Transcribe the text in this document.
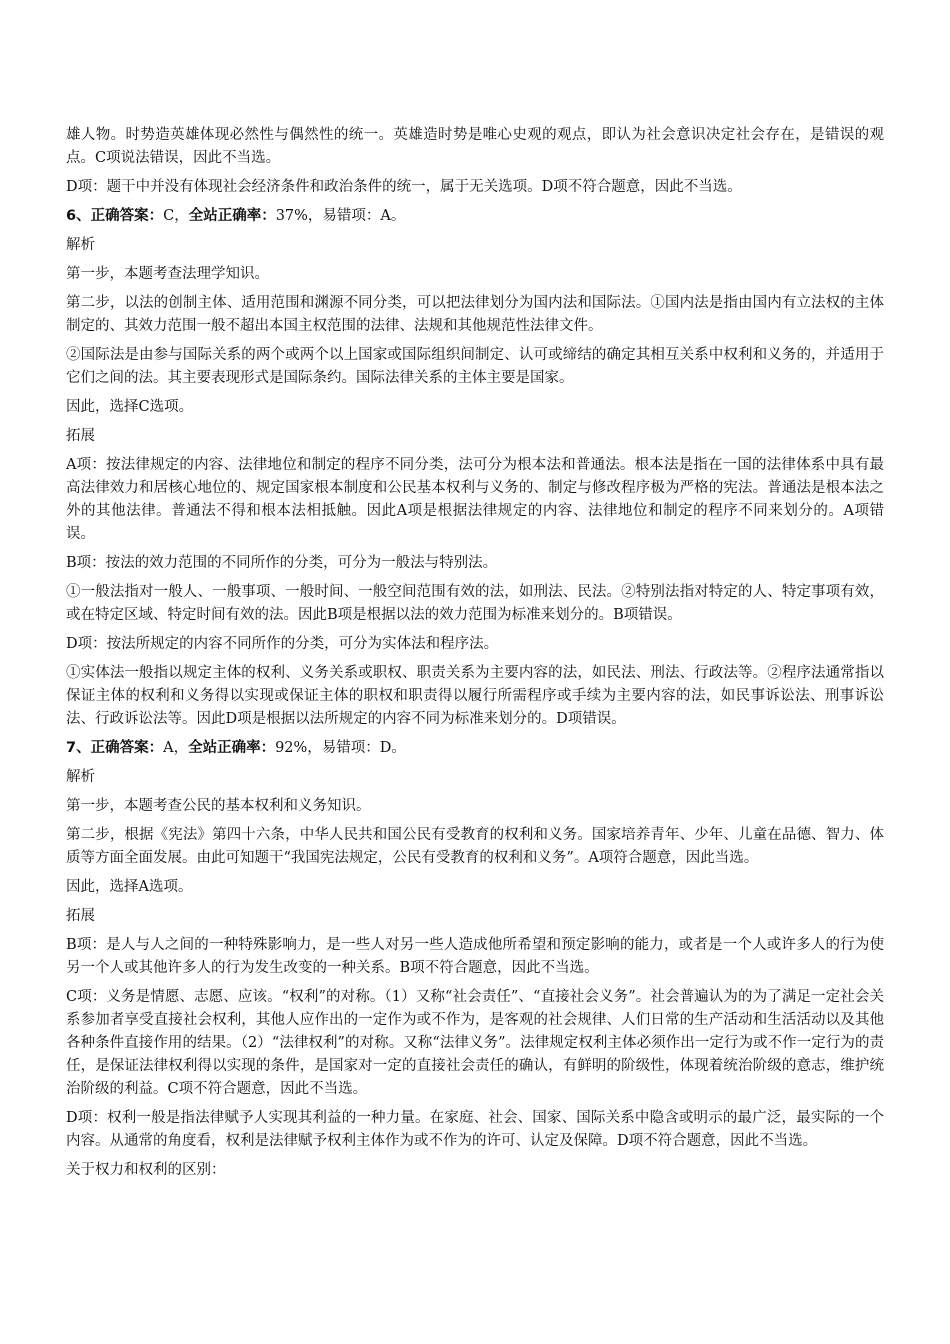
雄人物。时势造英雄体现必然性与偶然性的统一。英雄造时势是唯心史观的观点，即认为社会意识决定社会存在，是错误的观点。C项说法错误，因此不当选。

D项：题干中并没有体现社会经济条件和政治条件的统一，属于无关选项。D项不符合题意，因此不当选。

6、正确答案：C，全站正确率：37%，易错项：A。

解析

第一步，本题考查法理学知识。

第二步，以法的创制主体、适用范围和渊源不同分类，可以把法律划分为国内法和国际法。①国内法是指由国内有立法权的主体制定的、其效力范围一般不超出本国主权范围的法律、法规和其他规范性法律文件。

②国际法是由参与国际关系的两个或两个以上国家或国际组织间制定、认可或缔结的确定其相互关系中权利和义务的，并适用于它们之间的法。其主要表现形式是国际条约。国际法律关系的主体主要是国家。

因此，选择C选项。

拓展

A项：按法律规定的内容、法律地位和制定的程序不同分类，法可分为根本法和普通法。根本法是指在一国的法律体系中具有最高法律效力和居核心地位的、规定国家根本制度和公民基本权利与义务的、制定与修改程序极为严格的宪法。普通法是根本法之外的其他法律。普通法不得和根本法相抵触。因此A项是根据法律规定的内容、法律地位和制定的程序不同来划分的。A项错误。

B项：按法的效力范围的不同所作的分类，可分为一般法与特别法。

①一般法指对一般人、一般事项、一般时间、一般空间范围有效的法，如刑法、民法。②特别法指对特定的人、特定事项有效，或在特定区域、特定时间有效的法。因此B项是根据以法的效力范围为标准来划分的。B项错误。

D项：按法所规定的内容不同所作的分类，可分为实体法和程序法。

①实体法一般指以规定主体的权利、义务关系或职权、职责关系为主要内容的法，如民法、刑法、行政法等。②程序法通常指以保证主体的权利和义务得以实现或保证主体的职权和职责得以履行所需程序或手续为主要内容的法，如民事诉讼法、刑事诉讼法、行政诉讼法等。因此D项是根据以法所规定的内容不同为标准来划分的。D项错误。

7、正确答案：A，全站正确率：92%，易错项：D。

解析

第一步，本题考查公民的基本权利和义务知识。

第二步，根据《宪法》第四十六条，中华人民共和国公民有受教育的权利和义务。国家培养青年、少年、儿童在品德、智力、体质等方面全面发展。由此可知题干“我国宪法规定，公民有受教育的权利和义务”。A项符合题意，因此当选。

因此，选择A选项。

拓展

B项：是人与人之间的一种特殊影响力，是一些人对另一些人造成他所希望和预定影响的能力，或者是一个人或许多人的行为使另一个人或其他许多人的行为发生改变的一种关系。B项不符合题意，因此不当选。

C项：义务是情愿、志愿、应该。“权利”的对称。（1）又称“社会责任”、“直接社会义务”。社会普遍认为的为了满足一定社会关系参加者享受直接社会权利，其他人应作出的一定作为或不作为，是客观的社会规律、人们日常的生产活动和生活活动以及其他各种条件直接作用的结果。（2）“法律权利”的对称。又称“法律义务”。法律规定权利主体必须作出一定行为或不作一定行为的责任，是保证法律权利得以实现的条件，是国家对一定的直接社会责任的确认，有鲜明的阶级性，体现着统治阶级的意志，维护统治阶级的利益。C项不符合题意，因此不当选。

D项：权利一般是指法律赋予人实现其利益的一种力量。在家庭、社会、国家、国际关系中隐含或明示的最广泛，最实际的一个内容。从通常的角度看，权利是法律赋予权利主体作为或不作为的许可、认定及保障。D项不符合题意，因此不当选。

关于权力和权利的区别：
